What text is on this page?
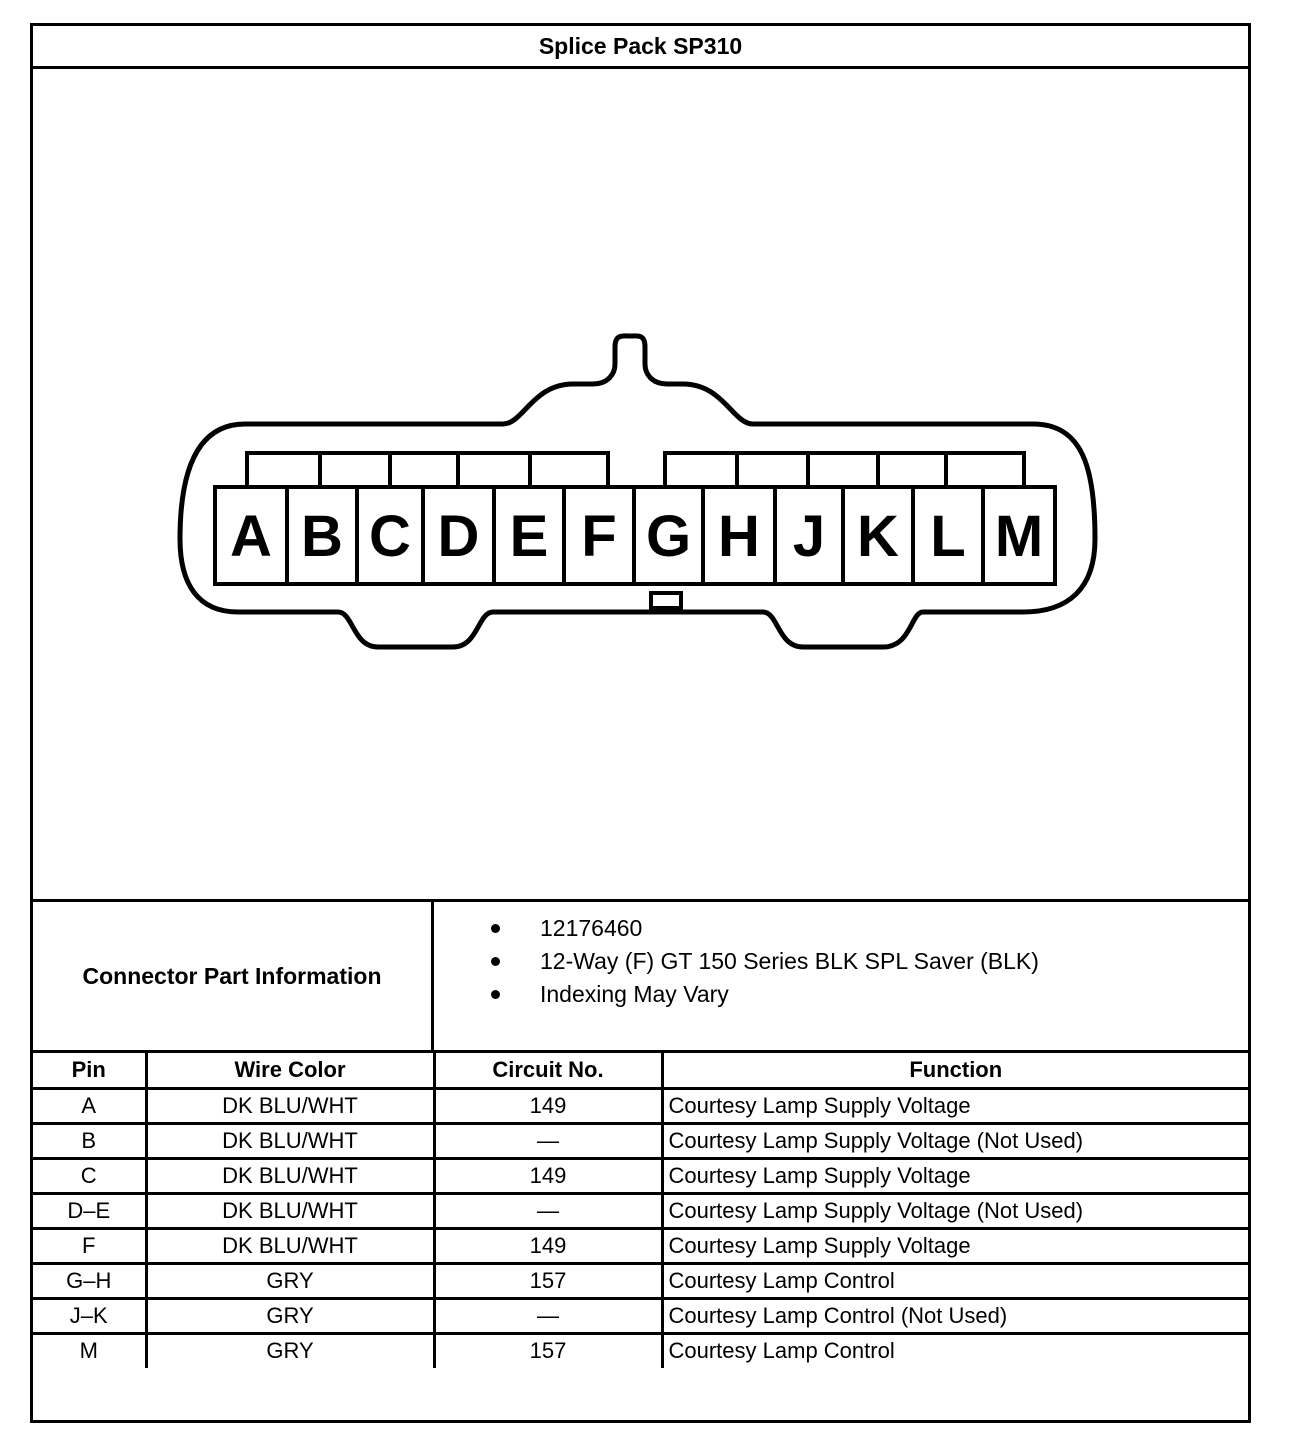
Splice Pack SP310
A B C D E F G H J K L M
Connector Part Information
12176460
12-Way (F) GT 150 Series BLK SPL Saver (BLK)
Indexing May Vary
Pin	Wire Color	Circuit No.	Function
A	DK BLU/WHT	149	Courtesy Lamp Supply Voltage
B	DK BLU/WHT	—	Courtesy Lamp Supply Voltage (Not Used)
C	DK BLU/WHT	149	Courtesy Lamp Supply Voltage
D–E	DK BLU/WHT	—	Courtesy Lamp Supply Voltage (Not Used)
F	DK BLU/WHT	149	Courtesy Lamp Supply Voltage
G–H	GRY	157	Courtesy Lamp Control
J–K	GRY	—	Courtesy Lamp Control (Not Used)
M	GRY	157	Courtesy Lamp Control
